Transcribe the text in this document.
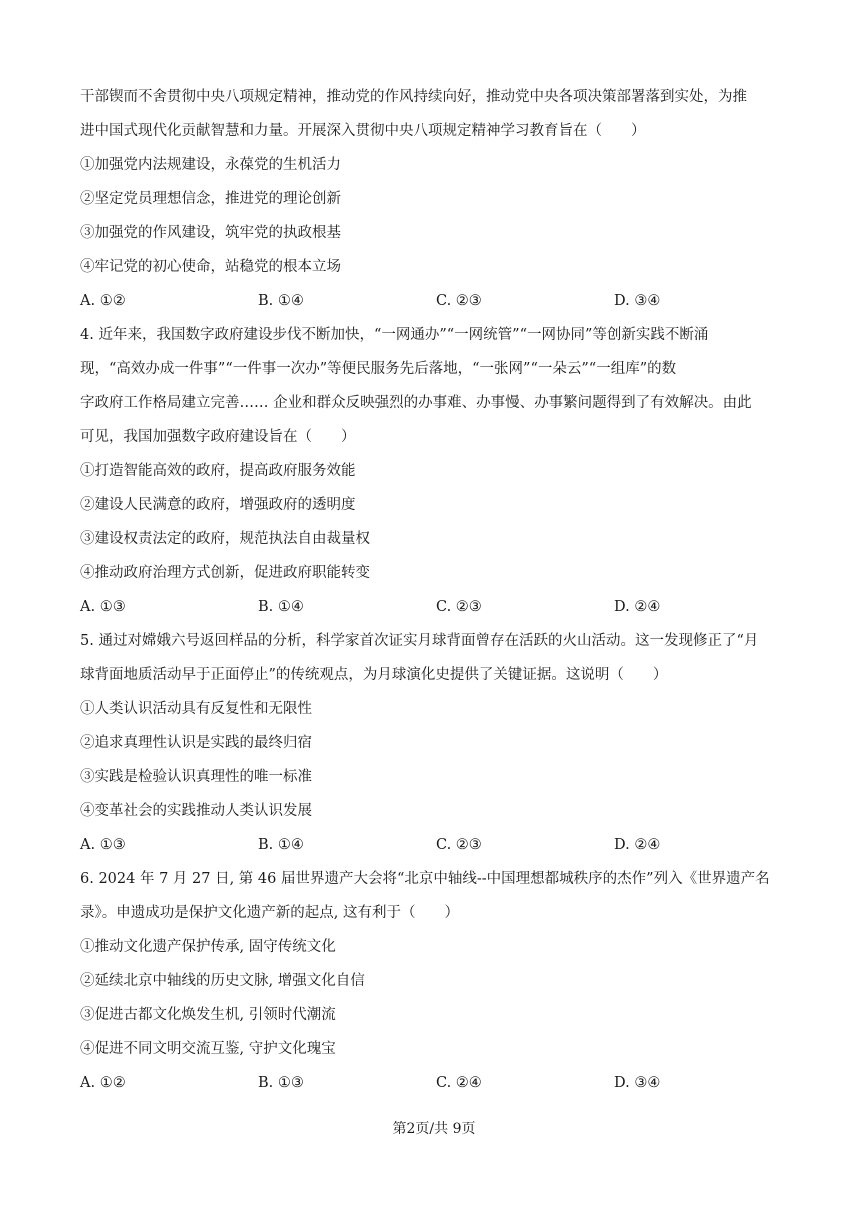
干部锲而不舍贯彻中央八项规定精神，推动党的作风持续向好，推动党中央各项决策部署落到实处，为推
进中国式现代化贡献智慧和力量。开展深入贯彻中央八项规定精神学习教育旨在（　　）
①加强党内法规建设，永葆党的生机活力
②坚定党员理想信念，推进党的理论创新
③加强党的作风建设，筑牢党的执政根基
④牢记党的初心使命，站稳党的根本立场
A. ①②	B. ①④	C. ②③	D. ③④
4. 近年来，我国数字政府建设步伐不断加快，“一网通办”“一网统管”“一网协同”等创新实践不断涌
现，“高效办成一件事”“一件事一次办”等便民服务先后落地，“一张网”“一朵云”“一组库”的数
字政府工作格局建立完善…… 企业和群众反映强烈的办事难、办事慢、办事繁问题得到了有效解决。由此
可见，我国加强数字政府建设旨在（　　）
①打造智能高效的政府，提高政府服务效能
②建设人民满意的政府，增强政府的透明度
③建设权责法定的政府，规范执法自由裁量权
④推动政府治理方式创新，促进政府职能转变
A. ①③	B. ①④	C. ②③	D. ②④
5. 通过对嫦娥六号返回样品的分析，科学家首次证实月球背面曾存在活跃的火山活动。这一发现修正了“月
球背面地质活动早于正面停止”的传统观点，为月球演化史提供了关键证据。这说明（　　）
①人类认识活动具有反复性和无限性
②追求真理性认识是实践的最终归宿
③实践是检验认识真理性的唯一标准
④变革社会的实践推动人类认识发展
A. ①③	B. ①④	C. ②③	D. ②④
6. 2024 年 7 月 27 日, 第 46 届世界遗产大会将“北京中轴线--中国理想都城秩序的杰作”列入《世界遗产名
录》。申遗成功是保护文化遗产新的起点, 这有利于（　　）
①推动文化遗产保护传承, 固守传统文化
②延续北京中轴线的历史文脉, 增强文化自信
③促进古都文化焕发生机, 引领时代潮流
④促进不同文明交流互鉴, 守护文化瑰宝
A. ①②	B. ①③	C. ②④	D. ③④
第2页/共 9页
